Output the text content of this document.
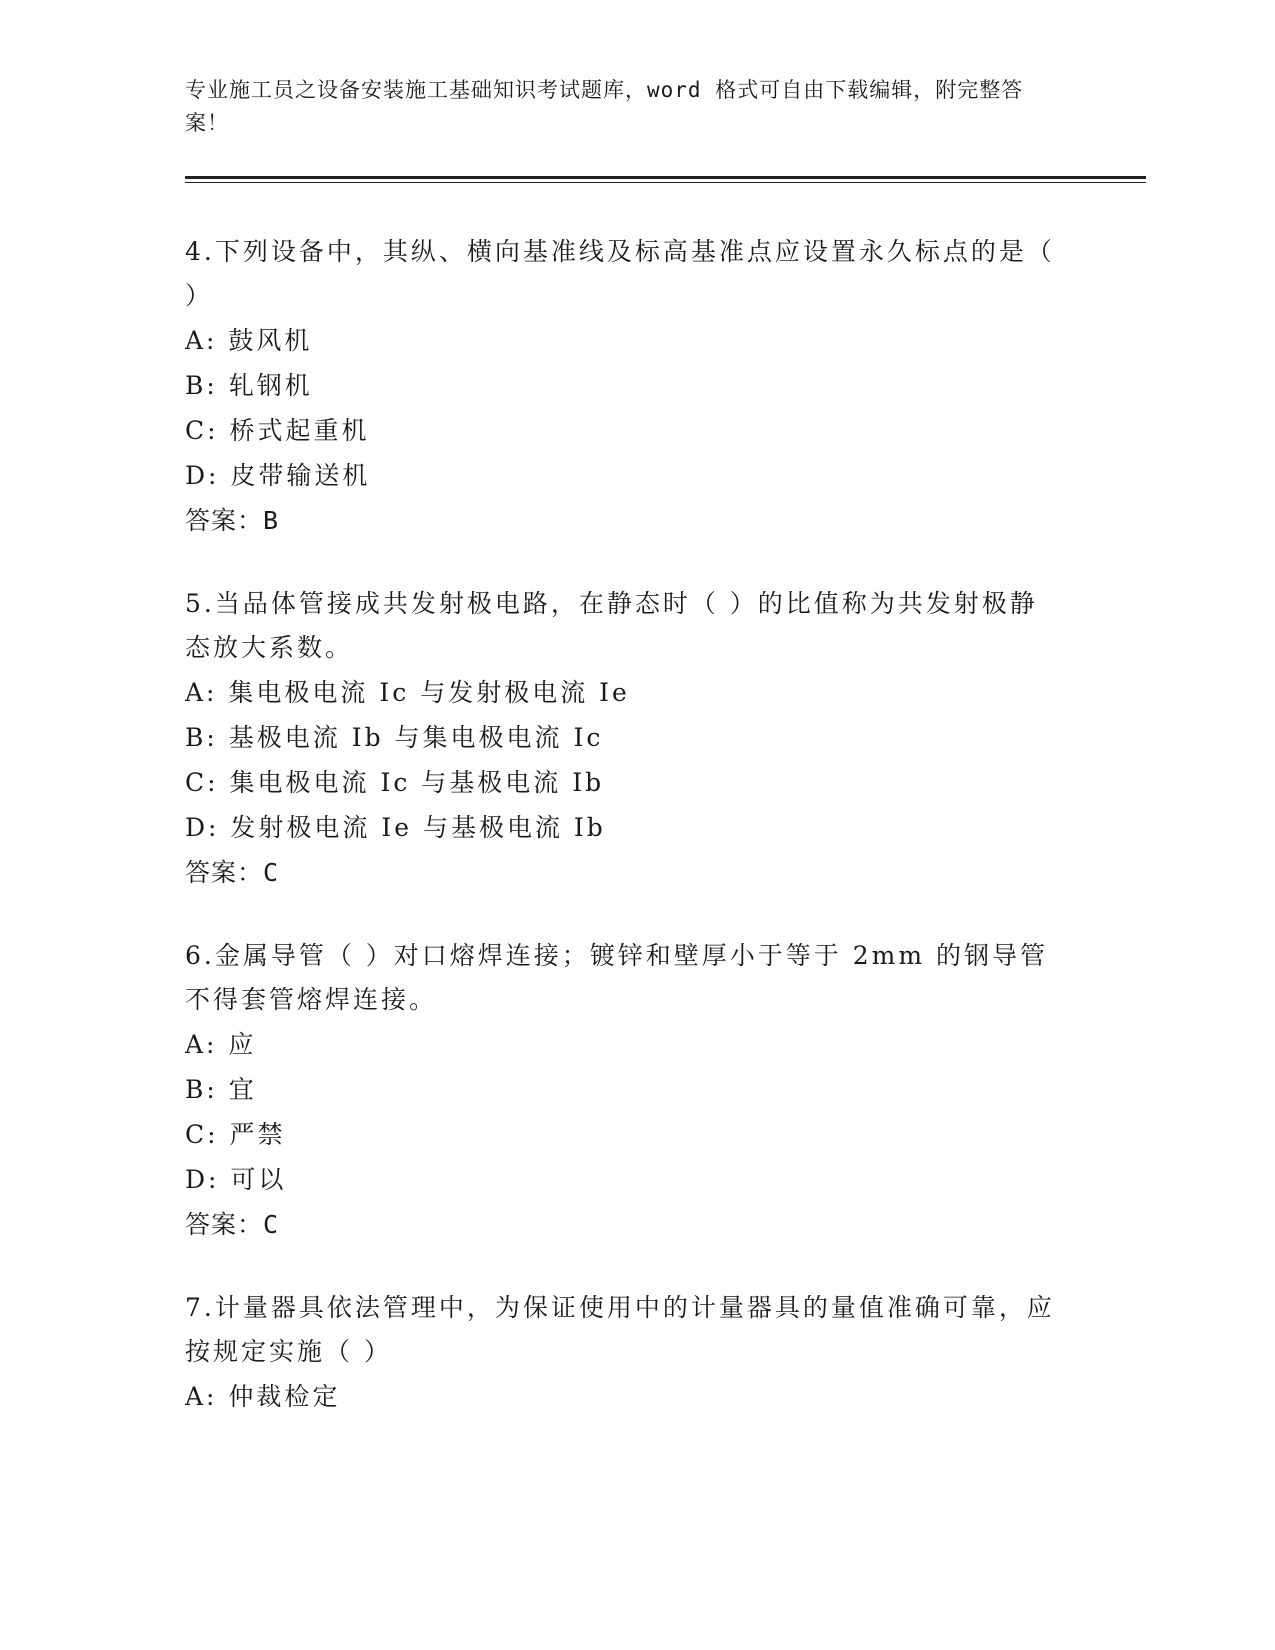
专业施工员之设备安装施工基础知识考试题库，word 格式可自由下载编辑，附完整答案！
4.下列设备中，其纵、横向基准线及标高基准点应设置永久标点的是（ ）
A: 鼓风机
B: 轧钢机
C: 桥式起重机
D: 皮带输送机
答案：B
5.当品体管接成共发射极电路，在静态时（ ）的比值称为共发射极静态放大系数。
A: 集电极电流 Ic 与发射极电流 Ie
B: 基极电流 Ib 与集电极电流 Ic
C: 集电极电流 Ic 与基极电流 Ib
D: 发射极电流 Ie 与基极电流 Ib
答案：C
6.金属导管（ ）对口熔焊连接；镀锌和壁厚小于等于 2mm 的钢导管不得套管熔焊连接。
A: 应
B: 宜
C: 严禁
D: 可以
答案：C
7.计量器具依法管理中，为保证使用中的计量器具的量值准确可靠，应按规定实施（ ）
A: 仲裁检定
